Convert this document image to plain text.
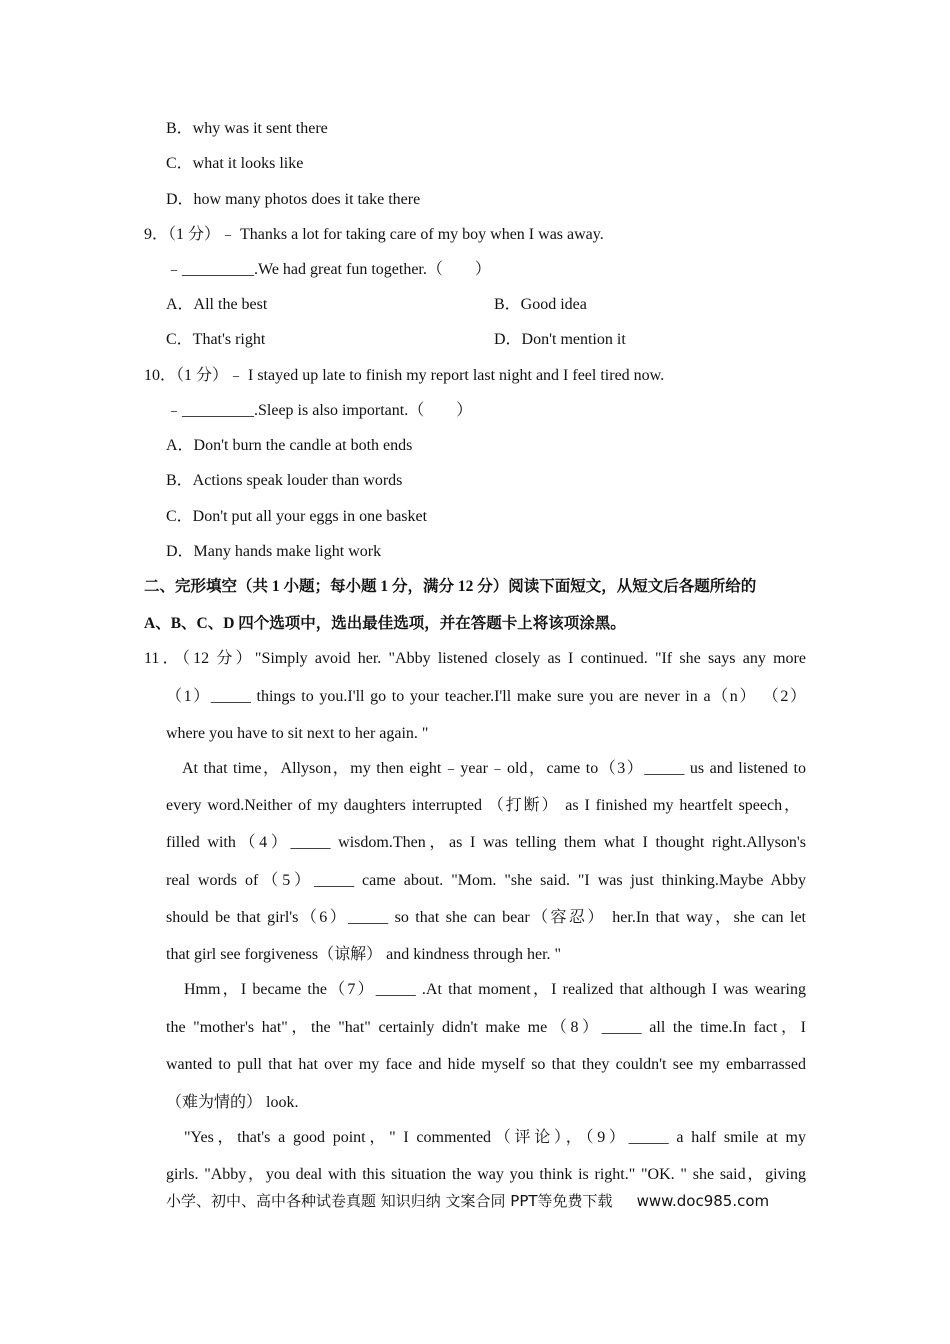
B．why was it sent there
C．what it looks like
D．how many photos does it take there
9．（1 分）﹣ Thanks a lot for taking care of my boy when I was away.
﹣_________.We had great fun together.（　　）
A．All the best	B．Good idea
C．That's right	D．Don't mention it
10．（1 分）﹣ I stayed up late to finish my report last night and I feel tired now.
﹣_________.Sleep is also important.（　　）
A．Don't burn the candle at both ends
B．Actions speak louder than words
C．Don't put all your eggs in one basket
D．Many hands make light work
二、完形填空（共 1 小题；每小题 1 分，满分 12 分）阅读下面短文，从短文后各题所给的
A、B、C、D 四个选项中，选出最佳选项，并在答题卡上将该项涂黑。
11．（12 分）"Simply avoid her. "Abby listened closely as I continued. "If she says any more
（1）_____ things to you.I'll go to your teacher.I'll make sure you are never in a（n） （2）
where you have to sit next to her again. "
At that time，Allyson，my then eight﹣year﹣old，came to（3）_____ us and listened to
every word.Neither of my daughters interrupted （打断） as I finished my heartfelt speech，
filled with（4）_____ wisdom.Then，as I was telling them what I thought right.Allyson's
real words of（5）_____ came about. "Mom. "she said. "I was just thinking.Maybe Abby
should be that girl's（6）_____ so that she can bear（容忍） her.In that way，she can let
that girl see forgiveness（谅解） and kindness through her. "
Hmm，I became the（7）_____ .At that moment，I realized that although I was wearing
the "mother's hat"，the "hat" certainly didn't make me（8）_____ all the time.In fact，I
wanted to pull that hat over my face and hide myself so that they couldn't see my embarrassed
（难为情的） look.
"Yes，that's a good point，" I commented（评论），（9）_____ a half smile at my
girls. "Abby，you deal with this situation the way you think is right." "OK. " she said，giving
小学、初中、高中各种试卷真题 知识归纳 文案合同 PPT等免费下载 www.doc985.com
